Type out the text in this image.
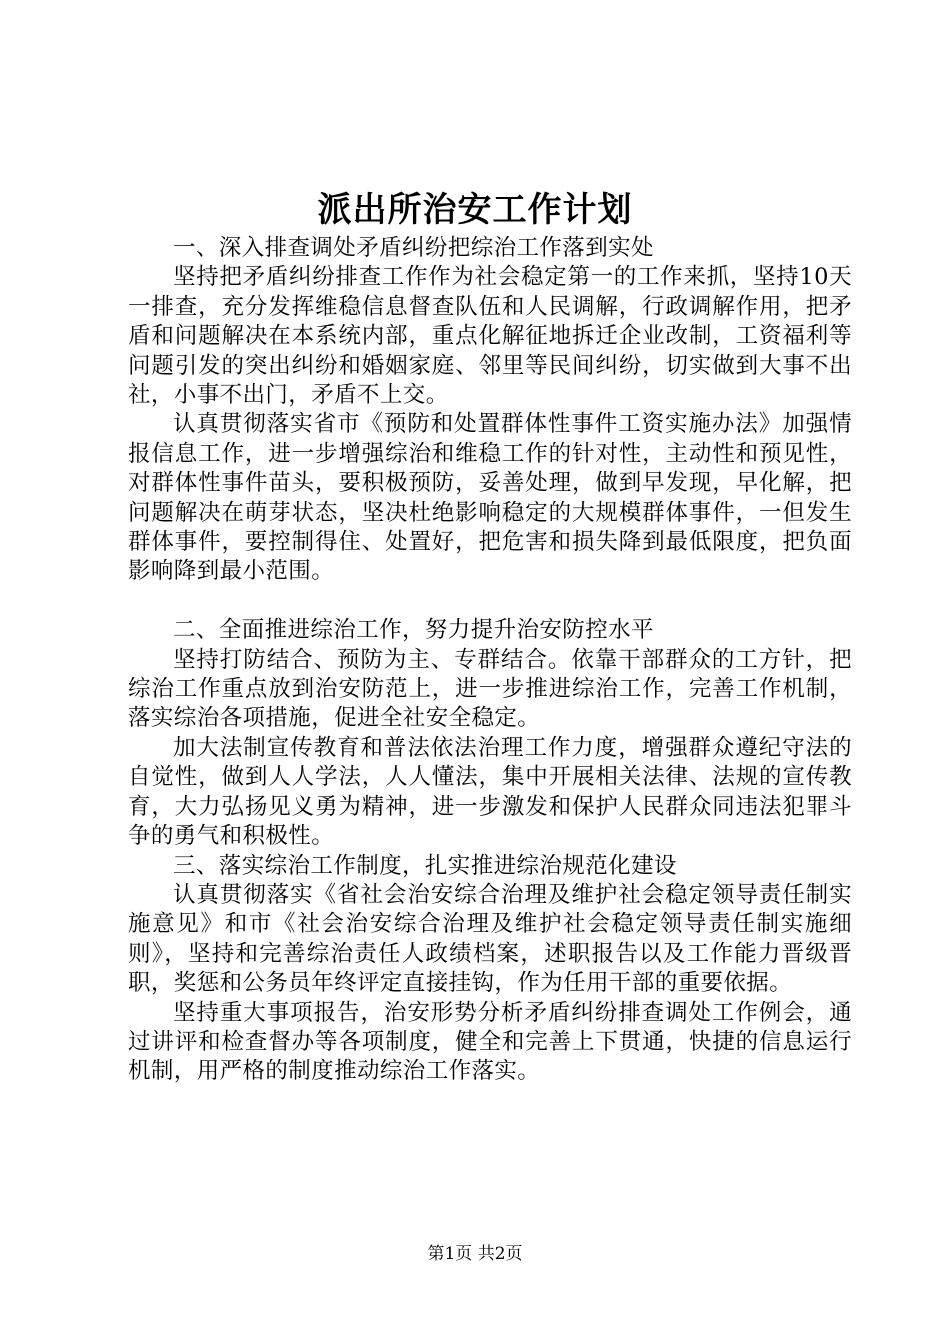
派出所治安工作计划

一、深入排查调处矛盾纠纷把综治工作落到实处

坚持把矛盾纠纷排查工作作为社会稳定第一的工作来抓，坚持10天一排查，充分发挥维稳信息督查队伍和人民调解，行政调解作用，把矛盾和问题解决在本系统内部，重点化解征地拆迁企业改制，工资福利等问题引发的突出纠纷和婚姻家庭、邻里等民间纠纷，切实做到大事不出社，小事不出门，矛盾不上交。

认真贯彻落实省市《预防和处置群体性事件工资实施办法》加强情报信息工作，进一步增强综治和维稳工作的针对性，主动性和预见性，对群体性事件苗头，要积极预防，妥善处理，做到早发现，早化解，把问题解决在萌芽状态，坚决杜绝影响稳定的大规模群体事件，一但发生群体事件，要控制得住、处置好，把危害和损失降到最低限度，把负面影响降到最小范围。

二、全面推进综治工作，努力提升治安防控水平

坚持打防结合、预防为主、专群结合。依靠干部群众的工方针，把综治工作重点放到治安防范上，进一步推进综治工作，完善工作机制，落实综治各项措施，促进全社安全稳定。

加大法制宣传教育和普法依法治理工作力度，增强群众遵纪守法的自觉性，做到人人学法，人人懂法，集中开展相关法律、法规的宣传教育，大力弘扬见义勇为精神，进一步激发和保护人民群众同违法犯罪斗争的勇气和积极性。

三、落实综治工作制度，扎实推进综治规范化建设

认真贯彻落实《省社会治安综合治理及维护社会稳定领导责任制实施意见》和市《社会治安综合治理及维护社会稳定领导责任制实施细则》，坚持和完善综治责任人政绩档案，述职报告以及工作能力晋级晋职，奖惩和公务员年终评定直接挂钩，作为任用干部的重要依据。

坚持重大事项报告，治安形势分析矛盾纠纷排查调处工作例会，通过讲评和检查督办等各项制度，健全和完善上下贯通，快捷的信息运行机制，用严格的制度推动综治工作落实。

第1页 共2页
